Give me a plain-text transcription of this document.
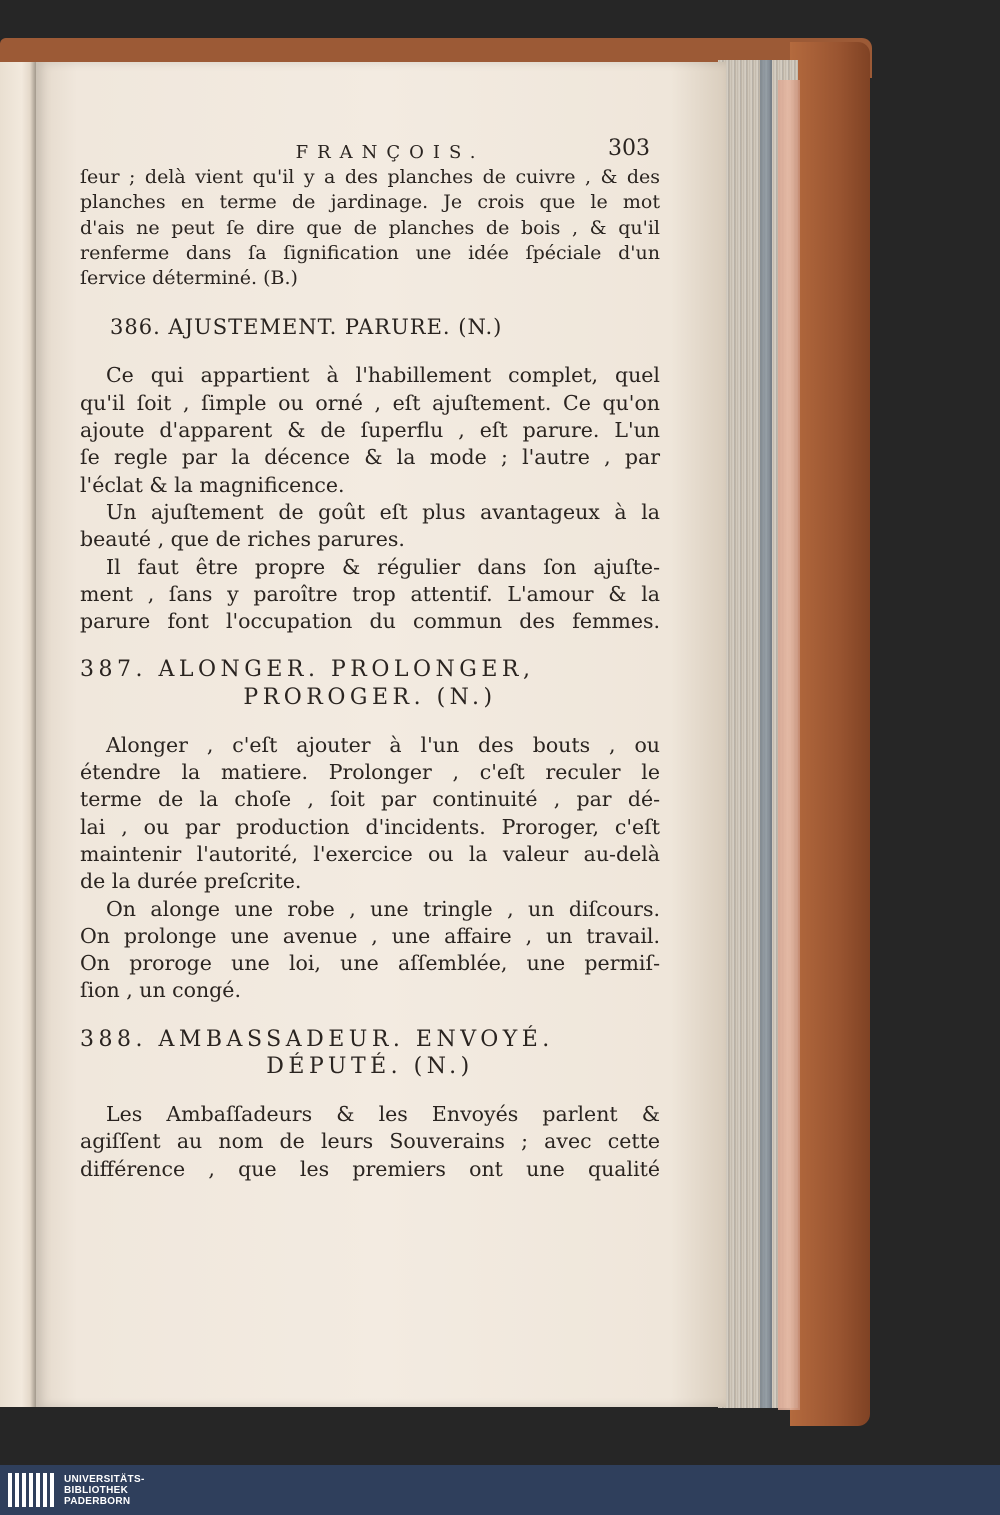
FRANÇOIS.	303
ſeur ; delà vient qu'il y a des planches de cuivre , & des
planches en terme de jardinage. Je crois que le mot
d'ais ne peut ſe dire que de planches de bois , & qu'il
renferme dans ſa ſignification une idée ſpéciale d'un
ſervice déterminé. (B.)
386. AJUSTEMENT. PARURE. (N.)
Ce qui appartient à l'habillement complet, quel
qu'il ſoit , ſimple ou orné , eſt ajuſtement. Ce qu'on
ajoute d'apparent & de ſuperflu , eſt parure. L'un
ſe regle par la décence & la mode ; l'autre , par
l'éclat & la magnificence.
Un ajuſtement de goût eſt plus avantageux à la
beauté , que de riches parures.
Il faut être propre & régulier dans ſon ajuſte-
ment , ſans y paroître trop attentif. L'amour & la
parure font l'occupation du commun des femmes.
387. ALONGER. PROLONGER,
PROROGER. (N.)
Alonger , c'eſt ajouter à l'un des bouts , ou
étendre la matiere. Prolonger , c'eſt reculer le
terme de la choſe , ſoit par continuité , par dé-
lai , ou par production d'incidents. Proroger, c'eſt
maintenir l'autorité, l'exercice ou la valeur au-delà
de la durée preſcrite.
On alonge une robe , une tringle , un diſcours.
On prolonge une avenue , une affaire , un travail.
On proroge une loi, une aſſemblée, une permiſ-
ſion , un congé.
388. AMBASSADEUR. ENVOYÉ.
DÉPUTÉ. (N.)
Les Ambaſſadeurs & les Envoyés parlent &
agiſſent au nom de leurs Souverains ; avec cette
différence , que les premiers ont une qualité
UNIVERSITÄTS-
BIBLIOTHEK
PADERBORN
